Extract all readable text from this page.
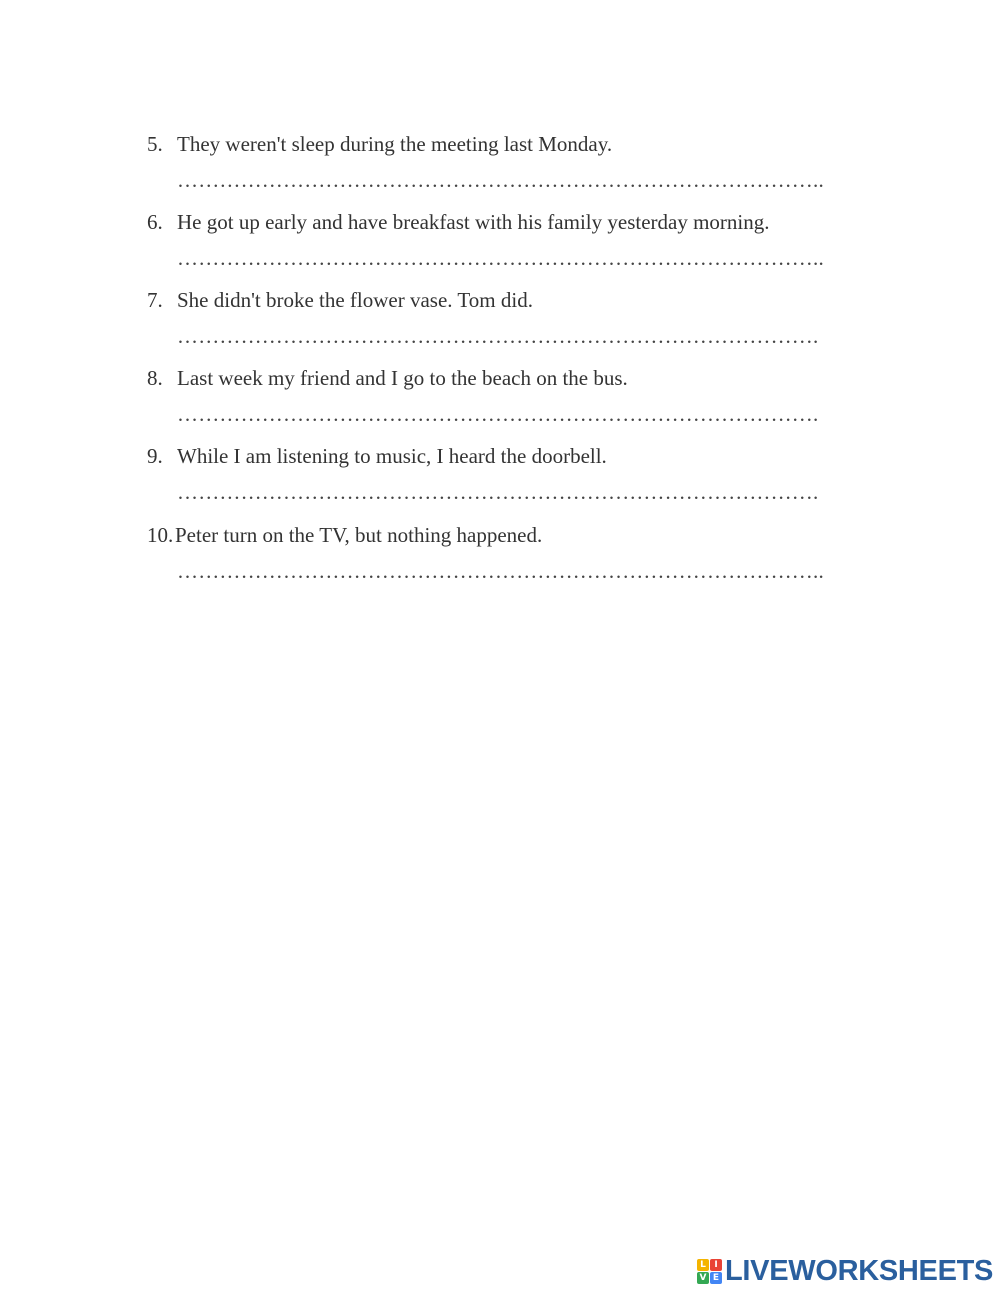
5. They weren't sleep during the meeting last Monday.
………………………………………………………………………………..
6. He got up early and have breakfast with his family yesterday morning.
………………………………………………………………………………..
7. She didn't broke the flower vase. Tom did.
……………………………………………………………………………….
8. Last week my friend and I go to the beach on the bus.
……………………………………………………………………………….
9. While I am listening to music, I heard the doorbell.
……………………………………………………………………………….
10.Peter turn on the TV, but nothing happened.
………………………………………………………………………………..
L I
V E LIVEWORKSHEETS
